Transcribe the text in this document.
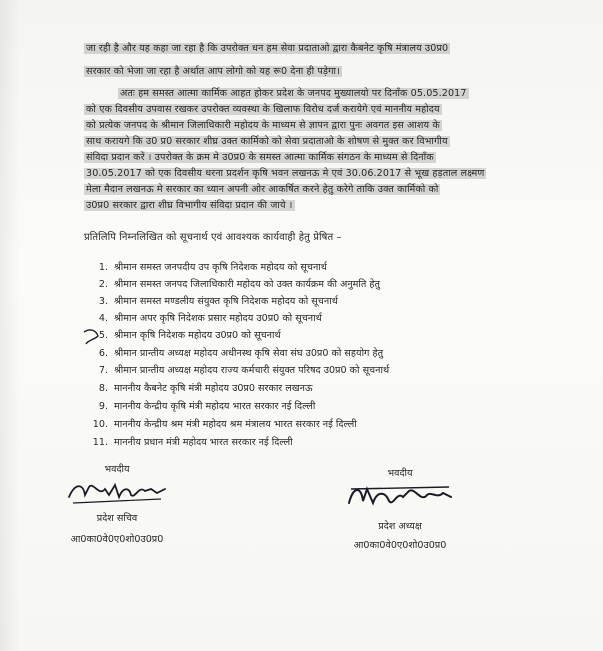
जा रही है और यह कहा जा रहा है कि उपरोक्त धन हम सेवा प्रदाताओ द्वारा कैबनेट कृषि मंत्रालय उ0प्र0
सरकार को भेजा जा रहा है अर्थात आप लोगो को यह रू0 देना ही पड़ेगा।
अतः हम समस्त आत्मा कार्मिक आहत होकर प्रदेश के जनपद मुख्यालयो पर दिनाँक 05.05.2017
को एक दिवसीय उपवास रखकर उपरोक्त व्यवस्था के खिलाफ विरोध दर्ज करायेगे एवं माननीय महोदय
को प्रत्येक जनपद के श्रीमान जिलाधिकारी महोदय के माध्यम से ज्ञापन द्वारा पुनः अवगत इस आशय के
साथ करायगे कि उ0 प्र0 सरकार शीघ्र उक्त कार्मिको को सेवा प्रदाताओ के शोषण से मुक्त कर विभागीय
संविदा प्रदान करें । उपरोक्त के क्रम मे उ0प्र0 के समस्त आत्मा कार्मिक संगठन के माध्यम से दिनाँक
30.05.2017 को एक दिवसीय धरना प्रदर्शन कृषि भवन लखनऊ मे एवं 30.06.2017 से भूख हड़ताल लक्ष्मण
मेला मैदान लखनऊ मे सरकार का ध्यान अपनी ओर आकर्षित करने हेतु करेगे ताकि उक्त कार्मिको को
उ0प्र0 सरकार द्वारा शीघ्र विभागीय संविदा प्रदान की जाये ।
प्रतिलिपि निम्नलिखित को सूचनार्थ एवं आवश्यक कार्यवाही हेतु प्रेषित –
1. श्रीमान समस्त जनपदीय उप कृषि निदेशक महोदय को सूचनार्थ
2. श्रीमान समस्त जनपद जिलाधिकारी महोदय को उक्त कार्यक्रम की अनुमति हेतु
3. श्रीमान समस्त मण्डलीय संयुक्त कृषि निदेशक महोदय को सूचनार्थ
4. श्रीमान अपर कृषि निदेशक प्रसार महोदय उ0प्र0 को सूचनार्थ
5. श्रीमान कृषि निदेशक महोदय उ0प्र0 को सूचनार्थ
6. श्रीमान प्रान्तीय अध्यक्ष महोदय अधीनस्थ कृषि सेवा संघ उ0प्र0 को सहयोग हेतु
7. श्रीमान प्रान्तीय अध्यक्ष महोदय राज्य कर्मचारी संयुक्त परिषद उ0प्र0 को सूचनार्थ
8. माननीय कैबनेट कृषि मंत्री महोदय उ0प्र0 सरकार लखनऊ
9. माननीय केन्द्रीय कृषि मंत्री महोदय भारत सरकार नई दिल्ली
10. माननीय केन्द्रीय श्रम मंत्री महोदय श्रम मंत्रालय भारत सरकार नई दिल्ली
11. माननीय प्रधान मंत्री महोदय भारत सरकार नई दिल्ली
भवदीय
प्रदेश सचिव
आ0का0वे0ए0शो0उ0प्र0
भवदीय
प्रदेश अध्यक्ष
आ0का0वे0ए0शो0उ0प्र0
